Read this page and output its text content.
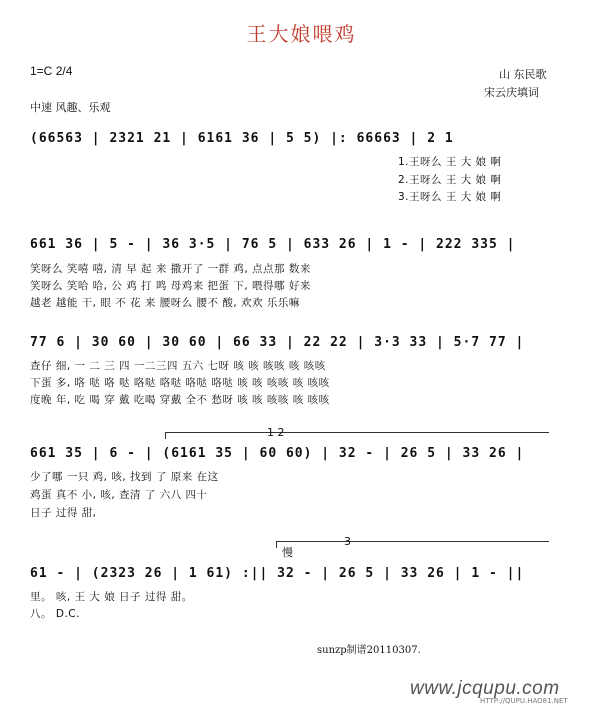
王大娘喂鸡
1=C 2/4
中速 风趣、乐观
山 东民歌
宋云庆填词
(66563 | 2321 21 | 6161 36 | 5 5) |: 66663 | 2 1
1.王呀么 王 大 娘 啊
2.王呀么 王 大 娘 啊
3.王呀么 王 大 娘 啊
661 36 | 5 - | 36 3·5 | 76 5 | 633 26 | 1 - | 222 335 |
笑呀么 笑嘻 嘻, 清 早 起 来 撒开了 一群 鸡, 点点那 数来
笑呀么 笑哈 哈, 公 鸡 打 鸣 母鸡来 把蛋 下, 喂得哪 好来
越老 越能 干, 眼 不 花 来 腰呀么 腰不 酸, 欢欢 乐乐嘛
77 6 | 30 60 | 30 60 | 66 33 | 22 22 | 3·3 33 | 5·7 77 |
查仔 细, 一 二 三 四 一二三四 五六 七呀 咳 咳 咳咳 咳 咳咳
下蛋 多, 咯 哒 咯 哒 咯哒 咯哒 咯哒 咯哒 咳 咳 咳咳 咳 咳咳
度晚 年, 吃 喝 穿 戴 吃喝 穿戴 全不 愁呀 咳 咳 咳咳 咳 咳咳
1 2
661 35 | 6 - | (6161 35 | 60 60) | 32 - | 26 5 | 33 26 |
少了哪 一只 鸡, 咳, 找到 了 原来 在这
鸡蛋 真不 小, 咳, 查清 了 六八 四十
日子 过得 甜,
慢
3
61 - | (2323 26 | 1 61) :|| 32 - | 26 5 | 33 26 | 1 - ||
里。 咳, 王 大 娘 日子 过得 甜。
八。 D.C.
sunzp制谱20110307.
www.jcqupu.com
HTTP://QUPU.HAO81.NET
